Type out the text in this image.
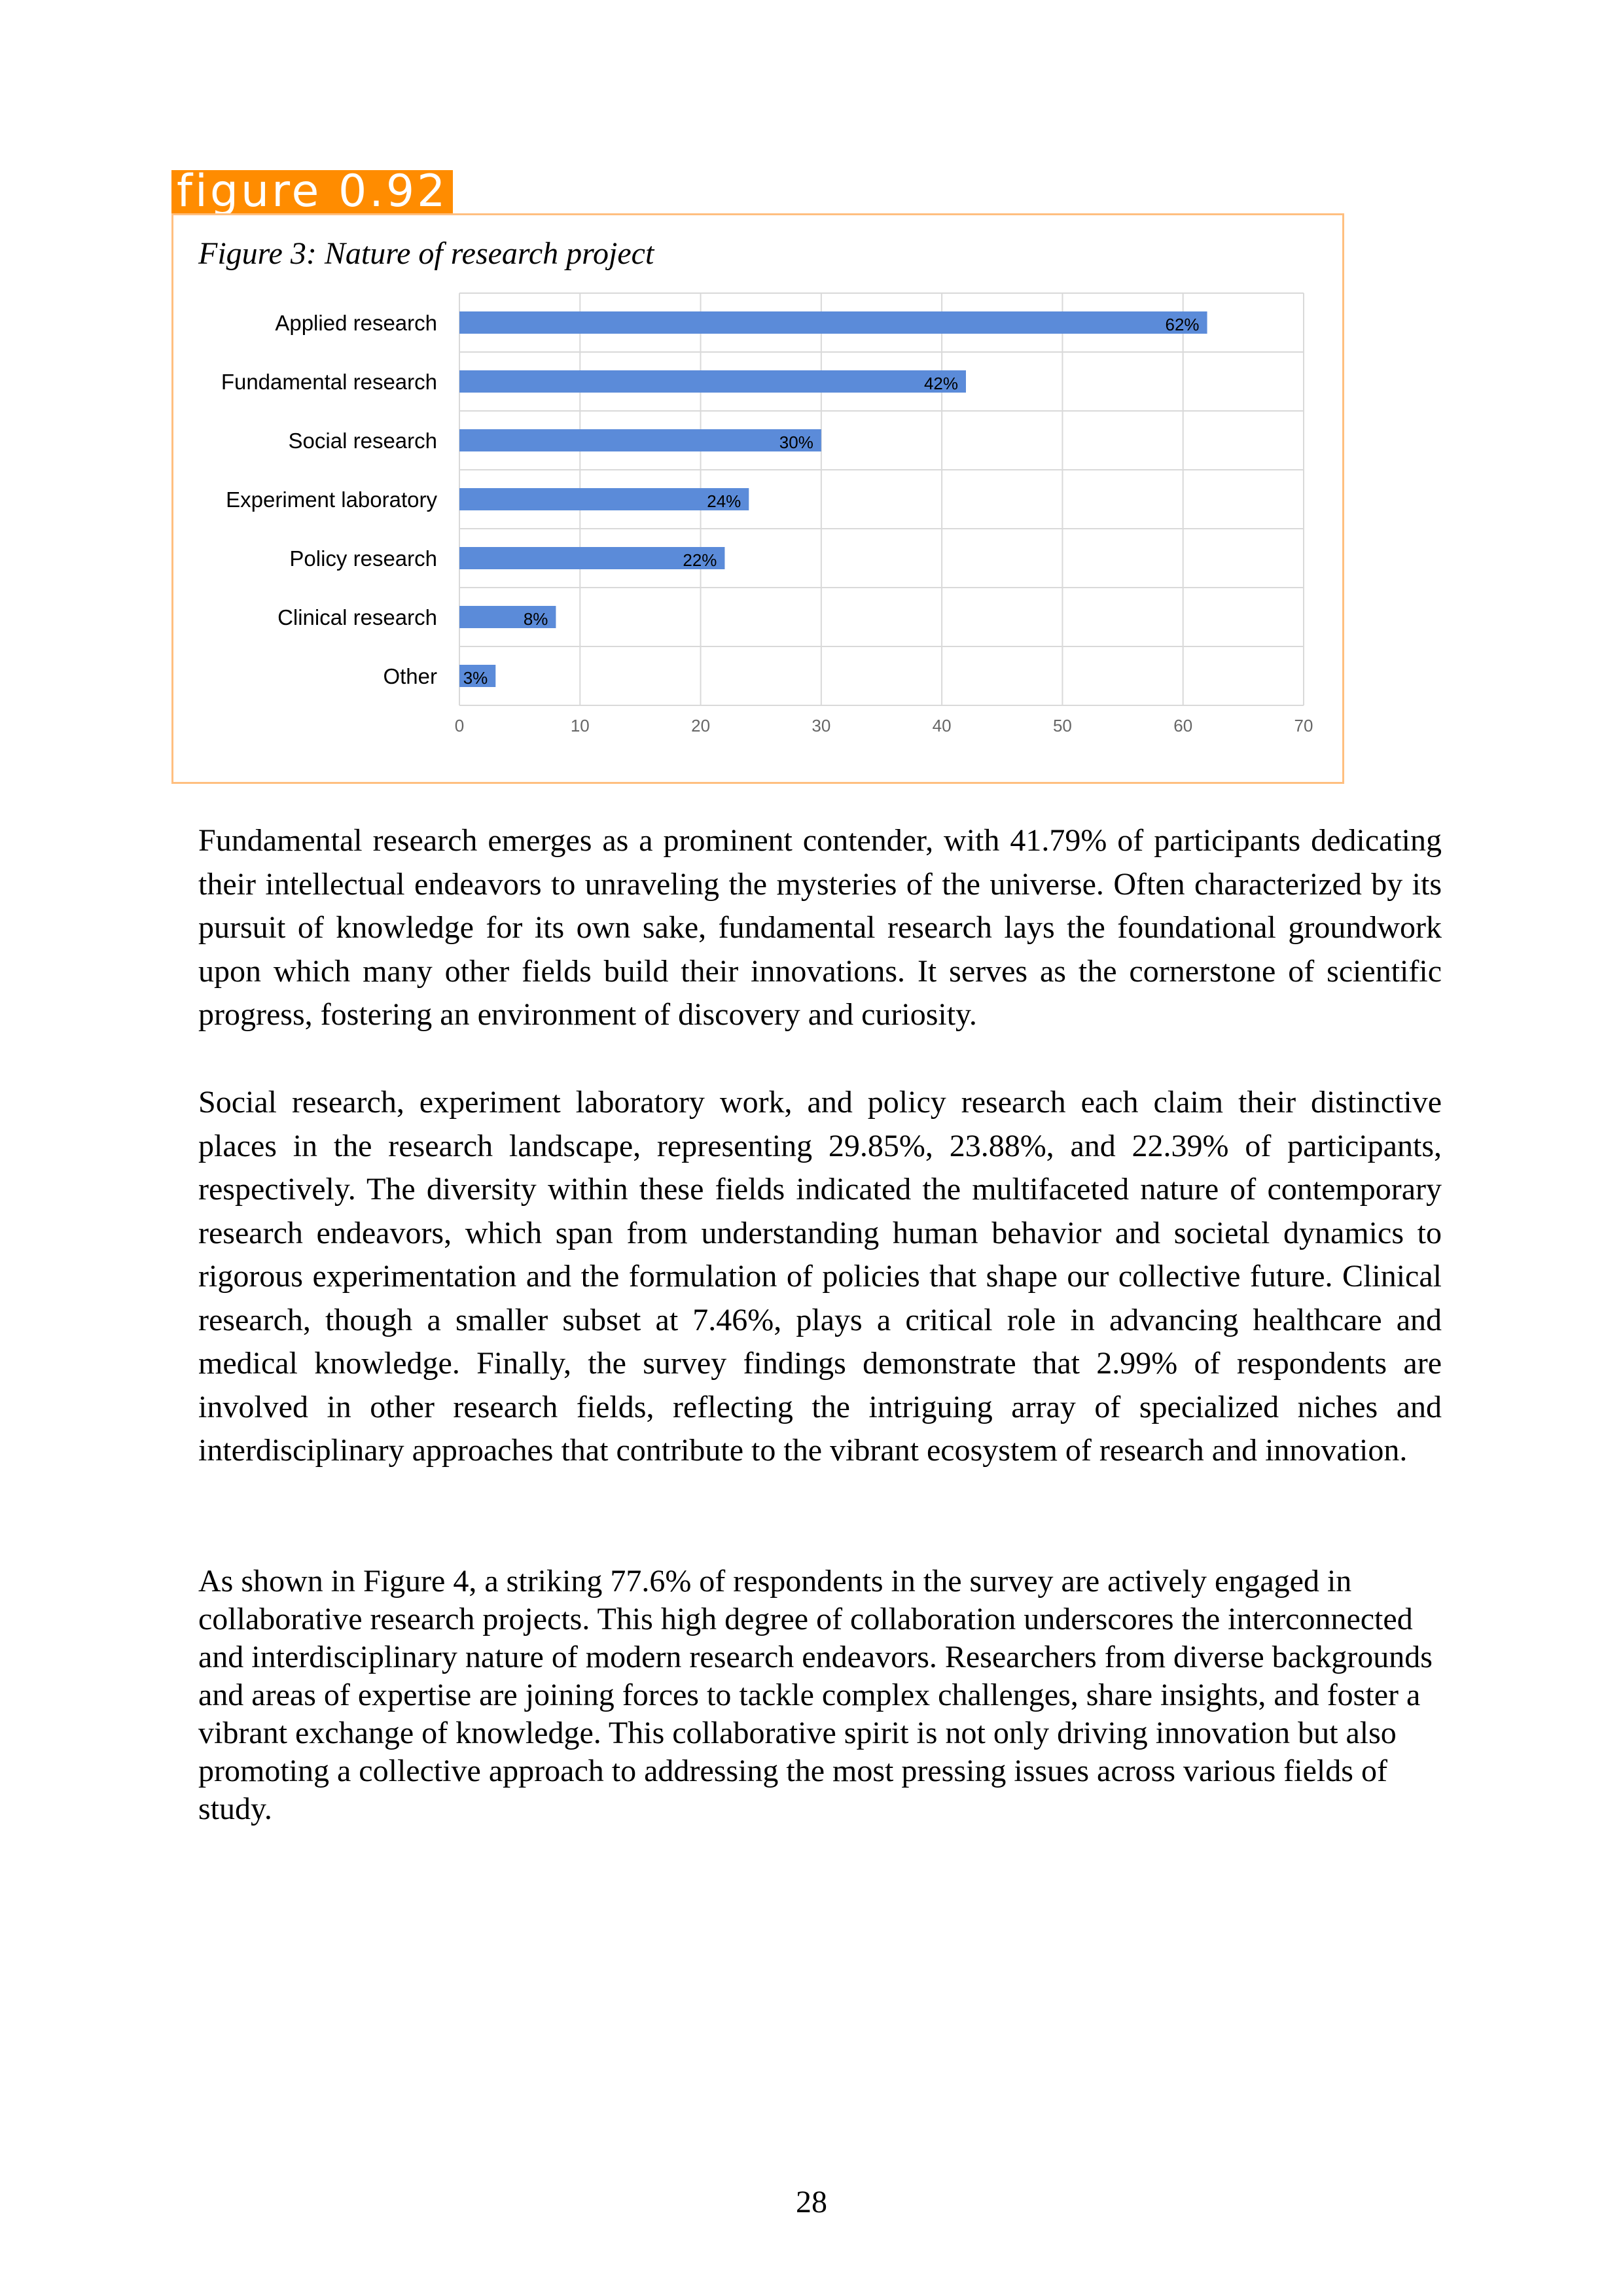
figure 0.92
Figure 3: Nature of research project
Applied research
Fundamental research
Social research
Experiment laboratory
Policy research
Clinical research
Other
62%
42%
30%
24%
22%
8%
3%
0	10	20	30	40	50	60	70

Fundamental research emerges as a prominent contender, with 41.79% of participants dedicating their intellectual endeavors to unraveling the mysteries of the universe. Often characterized by its pursuit of knowledge for its own sake, fundamental research lays the foundational groundwork upon which many other fields build their innovations. It serves as the cornerstone of scientific progress, fostering an environment of discovery and curiosity.

Social research, experiment laboratory work, and policy research each claim their distinctive places in the research landscape, representing 29.85%, 23.88%, and 22.39% of participants, respectively. The diversity within these fields indicated the multifaceted nature of contemporary research endeavors, which span from understanding human behavior and societal dynamics to rigorous experimentation and the formulation of policies that shape our collective future. Clinical research, though a smaller subset at 7.46%, plays a critical role in advancing healthcare and medical knowledge. Finally, the survey findings demonstrate that 2.99% of respondents are involved in other research fields, reflecting the intriguing array of specialized niches and interdisciplinary approaches that contribute to the vibrant ecosystem of research and innovation.

As shown in Figure 4, a striking 77.6% of respondents in the survey are actively engaged in collaborative research projects. This high degree of collaboration underscores the interconnected and interdisciplinary nature of modern research endeavors. Researchers from diverse backgrounds and areas of expertise are joining forces to tackle complex challenges, share insights, and foster a vibrant exchange of knowledge. This collaborative spirit is not only driving innovation but also promoting a collective approach to addressing the most pressing issues across various fields of study.

28
